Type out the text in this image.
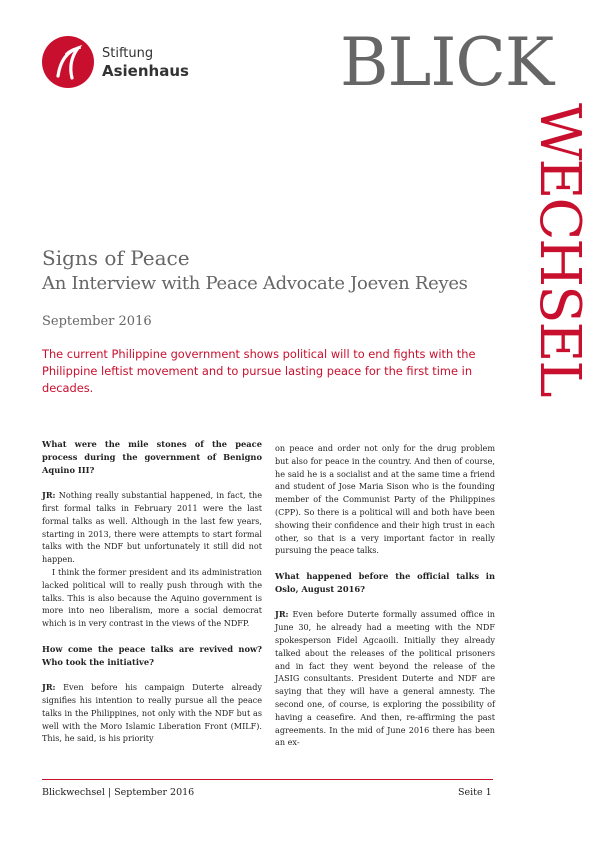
Stiftung
Asienhaus BLICK
WECHSEL
Signs of Peace
An Interview with Peace Advocate Joeven Reyes
September 2016
The current Philippine government shows political will to end fights with the Philippine leftist movement and to pursue lasting peace for the first time in decades.
What were the mile stones of the peace process during the government of Benigno Aquino III?

JR: Nothing really substantial happened, in fact, the first formal talks in February 2011 were the last formal talks as well. Although in the last few years, starting in 2013, there were attempts to start formal talks with the NDF but unfortunately it still did not happen.

I think the former president and its administration lacked political will to really push through with the talks. This is also because the Aquino government is more into neo liberalism, more a social democrat which is in very contrast in the views of the NDFP.

How come the peace talks are revived now? Who took the initiative?

JR: Even before his campaign Duterte already signifies his intention to really pursue all the peace talks in the Philippines, not only with the NDF but as well with the Moro Islamic Liberation Front (MILF). This, he said, is his priority

on peace and order not only for the drug problem but also for peace in the country. And then of course, he said he is a socialist and at the same time a friend and student of Jose Maria Sison who is the founding member of the Communist Party of the Philippines (CPP). So there is a political will and both have been showing their confidence and their high trust in each other, so that is a very important factor in really pursuing the peace talks.

What happened before the official talks in Oslo, August 2016?

JR: Even before Duterte formally assumed office in June 30, he already had a meeting with the NDF spokesperson Fidel Agcaoili. Initially they already talked about the releases of the political prisoners and in fact they went beyond the release of the JASIG consultants. President Duterte and NDF are saying that they will have a general amnesty. The second one, of course, is exploring the possibility of having a ceasefire. And then, re-affirming the past agreements. In the mid of June 2016 there has been an ex-

Blickwechsel | September 2016	Seite 1
